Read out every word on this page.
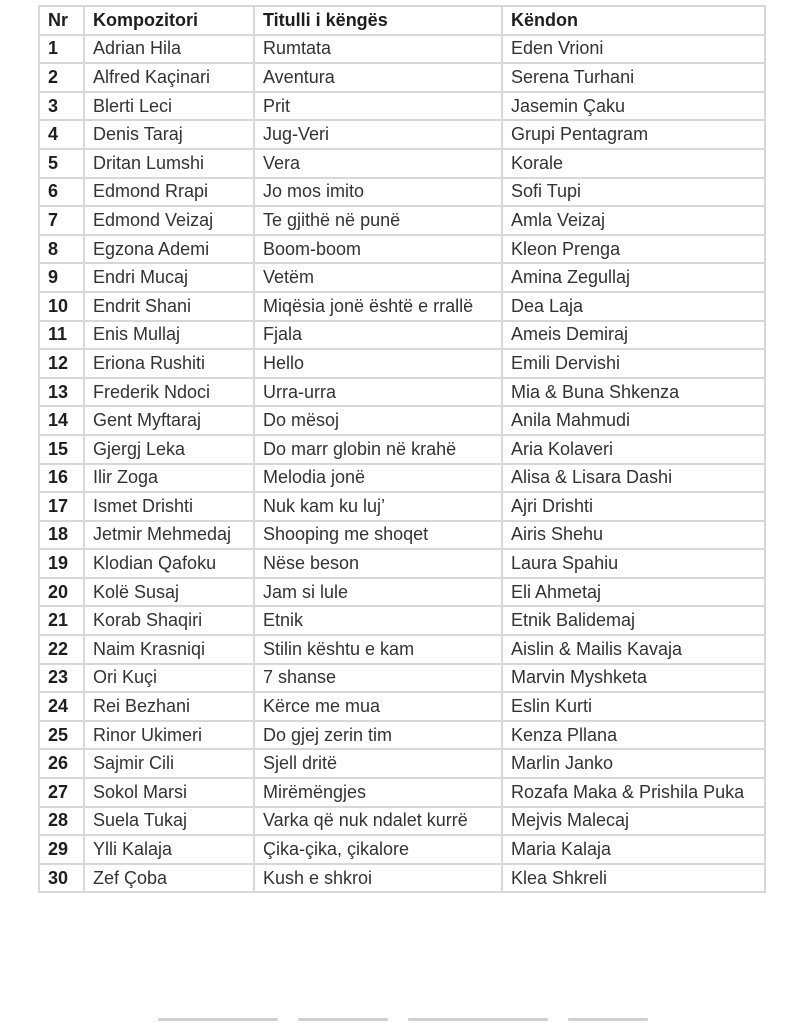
Nr	Kompozitori	Titulli i këngës	Këndon
1	Adrian Hila	Rumtata	Eden Vrioni
2	Alfred Kaçinari	Aventura	Serena Turhani
3	Blerti Leci	Prit	Jasemin Çaku
4	Denis Taraj	Jug-Veri	Grupi Pentagram
5	Dritan Lumshi	Vera	Korale
6	Edmond Rrapi	Jo mos imito	Sofi Tupi
7	Edmond Veizaj	Te gjithë në punë	Amla Veizaj
8	Egzona Ademi	Boom-boom	Kleon Prenga
9	Endri Mucaj	Vetëm	Amina Zegullaj
10	Endrit Shani	Miqësia jonë është e rrallë	Dea Laja
11	Enis Mullaj	Fjala	Ameis Demiraj
12	Eriona Rushiti	Hello	Emili Dervishi
13	Frederik Ndoci	Urra-urra	Mia & Buna Shkenza
14	Gent Myftaraj	Do mësoj	Anila Mahmudi
15	Gjergj Leka	Do marr globin në krahë	Aria Kolaveri
16	Ilir Zoga	Melodia jonë	Alisa & Lisara Dashi
17	Ismet Drishti	Nuk kam ku luj’	Ajri Drishti
18	Jetmir Mehmedaj	Shooping me shoqet	Airis Shehu
19	Klodian Qafoku	Nëse beson	Laura Spahiu
20	Kolë Susaj	Jam si lule	Eli Ahmetaj
21	Korab Shaqiri	Etnik	Etnik Balidemaj
22	Naim Krasniqi	Stilin kështu e kam	Aislin & Mailis Kavaja
23	Ori Kuçi	7 shanse	Marvin Myshketa
24	Rei Bezhani	Kërce me mua	Eslin Kurti
25	Rinor Ukimeri	Do gjej zerin tim	Kenza Pllana
26	Sajmir Cili	Sjell dritë	Marlin Janko
27	Sokol Marsi	Mirëmëngjes	Rozafa Maka & Prishila Puka
28	Suela Tukaj	Varka që nuk ndalet kurrë	Mejvis Malecaj
29	Ylli Kalaja	Çika-çika, çikalore	Maria Kalaja
30	Zef Çoba	Kush e shkroi	Klea Shkreli
